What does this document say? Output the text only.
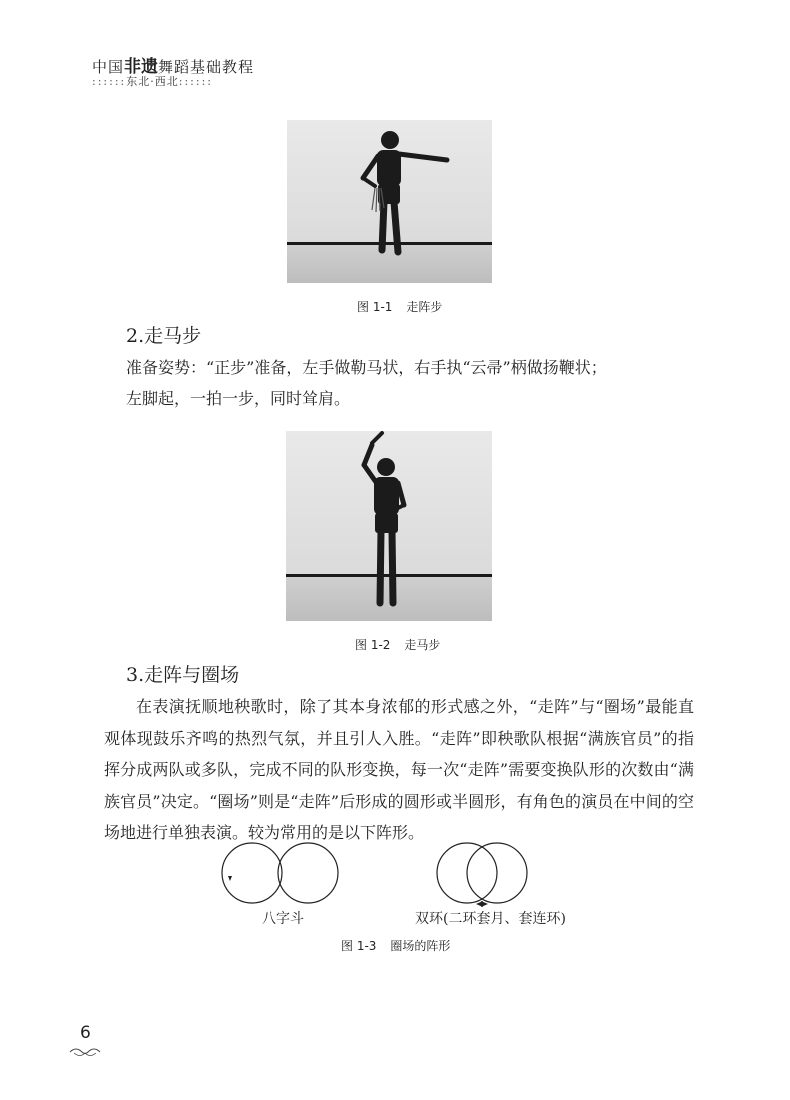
中国非遗舞蹈基础教程
::::::东北·西北::::::
图 1-1 走阵步
2.走马步
准备姿势：“正步”准备，左手做勒马状，右手执“云帚”柄做扬鞭状；
左脚起，一拍一步，同时耸肩。
图 1-2 走马步
3.走阵与圈场
在表演抚顺地秧歌时，除了其本身浓郁的形式感之外，“走阵”与“圈场”最能直观体现鼓乐齐鸣的热烈气氛，并且引人入胜。“走阵”即秧歌队根据“满族官员”的指挥分成两队或多队，完成不同的队形变换，每一次“走阵”需要变换队形的次数由“满族官员”决定。“圈场”则是“走阵”后形成的圆形或半圆形，有角色的演员在中间的空场地进行单独表演。较为常用的是以下阵形。
八字斗	双环(二环套月、套连环)
图 1-3 圈场的阵形
6
